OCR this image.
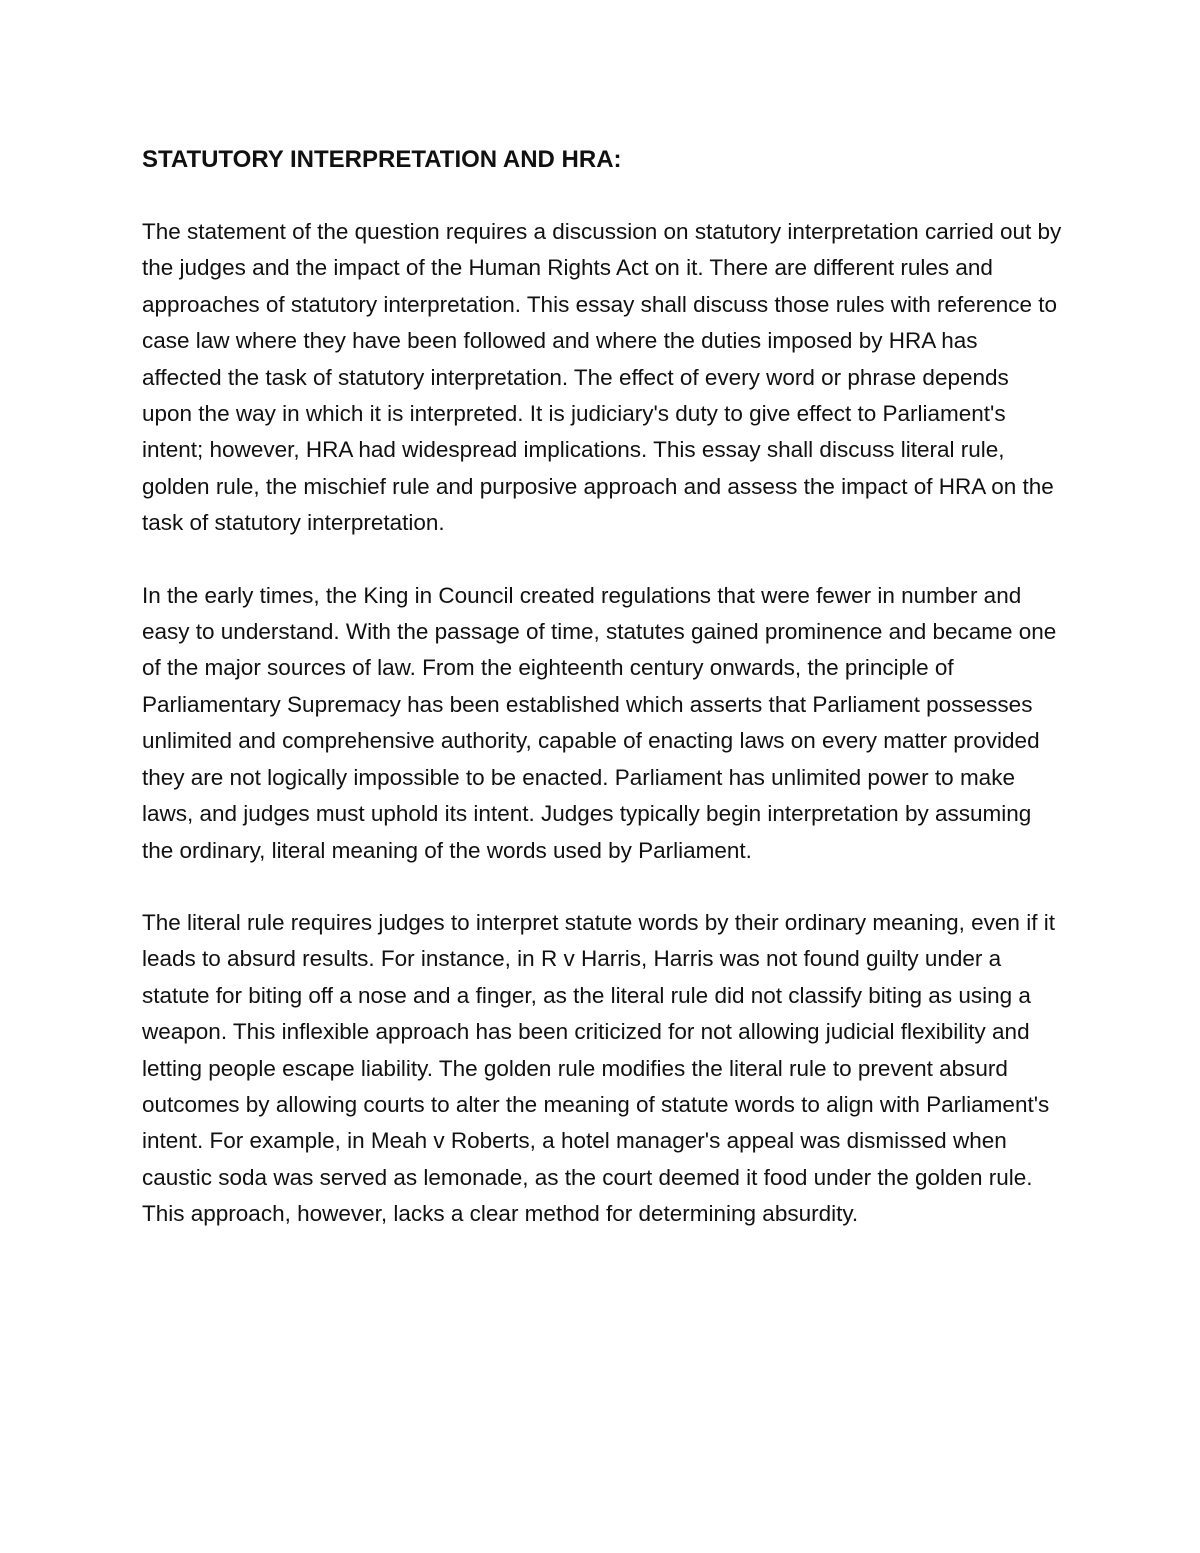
STATUTORY INTERPRETATION AND HRA:

The statement of the question requires a discussion on statutory interpretation carried out by the judges and the impact of the Human Rights Act on it. There are different rules and approaches of statutory interpretation. This essay shall discuss those rules with reference to case law where they have been followed and where the duties imposed by HRA has affected the task of statutory interpretation. The effect of every word or phrase depends upon the way in which it is interpreted. It is judiciary's duty to give effect to Parliament's intent; however, HRA had widespread implications. This essay shall discuss literal rule, golden rule, the mischief rule and purposive approach and assess the impact of HRA on the task of statutory interpretation.

In the early times, the King in Council created regulations that were fewer in number and easy to understand. With the passage of time, statutes gained prominence and became one of the major sources of law. From the eighteenth century onwards, the principle of Parliamentary Supremacy has been established which asserts that Parliament possesses unlimited and comprehensive authority, capable of enacting laws on every matter provided they are not logically impossible to be enacted. Parliament has unlimited power to make laws, and judges must uphold its intent. Judges typically begin interpretation by assuming the ordinary, literal meaning of the words used by Parliament.

The literal rule requires judges to interpret statute words by their ordinary meaning, even if it leads to absurd results. For instance, in R v Harris, Harris was not found guilty under a statute for biting off a nose and a finger, as the literal rule did not classify biting as using a weapon. This inflexible approach has been criticized for not allowing judicial flexibility and letting people escape liability. The golden rule modifies the literal rule to prevent absurd outcomes by allowing courts to alter the meaning of statute words to align with Parliament's intent. For example, in Meah v Roberts, a hotel manager's appeal was dismissed when caustic soda was served as lemonade, as the court deemed it food under the golden rule. This approach, however, lacks a clear method for determining absurdity.
